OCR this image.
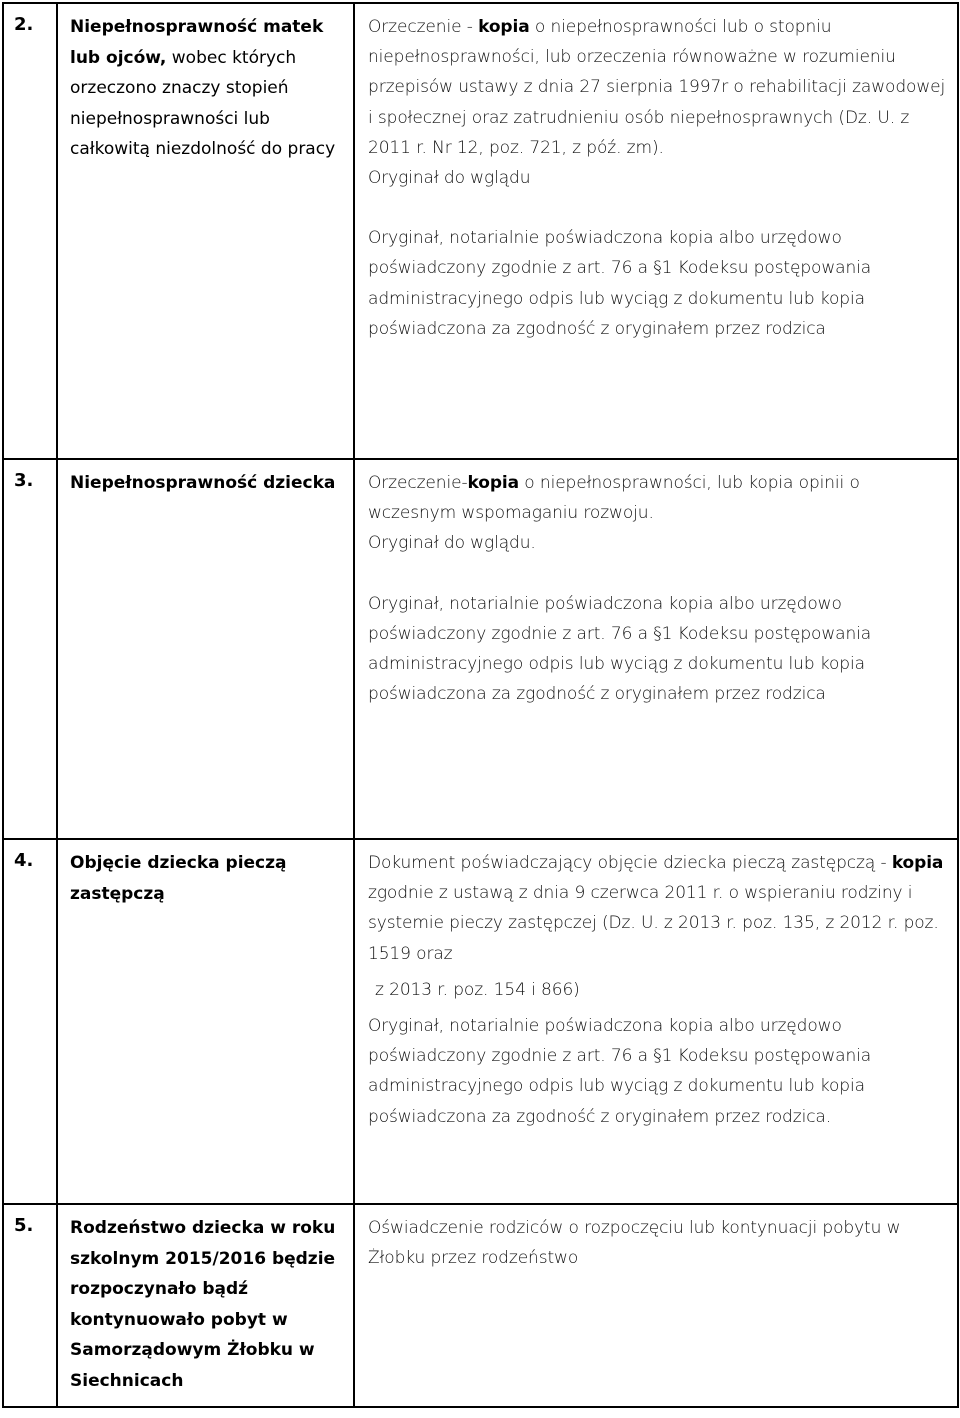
2.	Niepełnosprawność matek lub ojców, wobec których orzeczono znaczy stopień niepełnosprawności lub całkowitą niezdolność do pracy	Orzeczenie - kopia o niepełnosprawności lub o stopniu niepełnosprawności, lub orzeczenia równoważne w rozumieniu przepisów ustawy z dnia 27 sierpnia 1997r o rehabilitacji zawodowej i społecznej oraz zatrudnieniu osób niepełnosprawnych (Dz. U. z 2011 r. Nr 12, poz. 721, z póź. zm).

Oryginał do wglądu

Oryginał, notarialnie poświadczona kopia albo urzędowo poświadczony zgodnie z art. 76 a §1 Kodeksu postępowania administracyjnego odpis lub wyciąg z dokumentu lub kopia poświadczona za zgodność z oryginałem przez rodzica

3.	Niepełnosprawność dziecka	Orzeczenie-kopia o niepełnosprawności, lub kopia opinii o wczesnym wspomaganiu rozwoju.

Oryginał do wglądu.

Oryginał, notarialnie poświadczona kopia albo urzędowo poświadczony zgodnie z art. 76 a §1 Kodeksu postępowania administracyjnego odpis lub wyciąg z dokumentu lub kopia poświadczona za zgodność z oryginałem przez rodzica

4.	Objęcie dziecka pieczą zastępczą	Dokument poświadczający objęcie dziecka pieczą zastępczą - kopia zgodnie z ustawą z dnia 9 czerwca 2011 r. o wspieraniu rodziny i systemie pieczy zastępczej (Dz. U. z 2013 r. poz. 135, z 2012 r. poz. 1519 oraz

z 2013 r. poz. 154 i 866)

Oryginał, notarialnie poświadczona kopia albo urzędowo poświadczony zgodnie z art. 76 a §1 Kodeksu postępowania administracyjnego odpis lub wyciąg z dokumentu lub kopia poświadczona za zgodność z oryginałem przez rodzica.

5.	Rodzeństwo dziecka w roku szkolnym 2015/2016 będzie rozpoczynało bądź kontynuowało pobyt w Samorządowym Żłobku w Siechnicach	Oświadczenie rodziców o rozpoczęciu lub kontynuacji pobytu w Żłobku przez rodzeństwo
